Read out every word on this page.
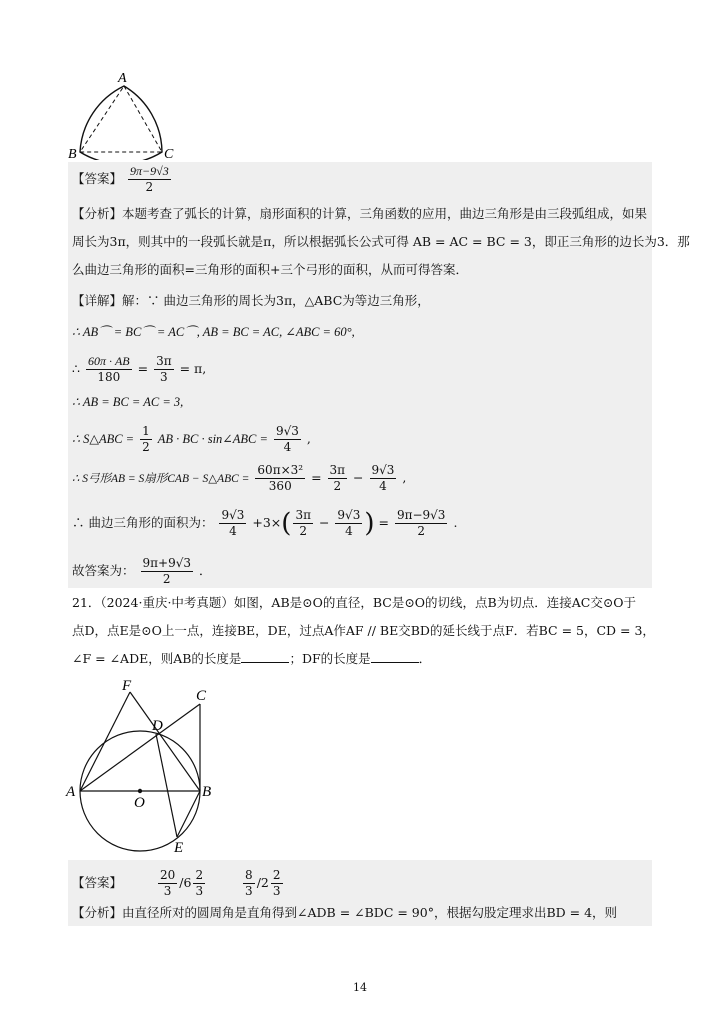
A
B	C
【答案】 $\frac{9\pi-9√3}{2}$
【分析】本题考查了弧长的计算，扇形面积的计算，三角函数的应用，曲边三角形是由三段弧组成，如果
周长为3π，则其中的一段弧长就是π，所以根据弧长公式可得 AB = AC = BC = 3，即正三角形的边长为3．那
么曲边三角形的面积=三角形的面积+三个弓形的面积，从而可得答案．
【详解】解：∵ 曲边三角形的周长为3π，△ABC为等边三角形，
∴ AB⌒ = BC⌒ = AC⌒, AB = BC = AC, ∠ABC = 60°,
∴ $\frac{60\pi \cdot AB}{180} = \frac{3\pi}{3} = \pi$,
∴ AB = BC = AC = 3,
∴ S△ABC = $\frac{1}{2}$ AB · BC · sin∠ABC = $\frac{9√3}{4}$ ,
∴ S弓形AB = S扇形CAB − S△ABC = $\frac{\text{60π×3²}}{360} = \frac{3\pi}{2} - \frac{9√3}{4}$ ,
∴ 曲边三角形的面积为： $\frac{9√3}{4} +3\times( \frac{3\pi}{2} - \frac{9√3}{4}$ ) = $\frac{9\pi-9√3}{2}$ .
故答案为： $\frac{9\pi+9√3}{2}$ ．
21．（2024·重庆·中考真题）如图，AB是⊙O的直径，BC是⊙O的切线，点B为切点．连接AC交⊙O于
点D，点E是⊙O上一点，连接BE，DE，过点A作AF // BE交BD的延长线于点F．若BC = 5，CD = 3，
∠F = ∠ADE，则AB的长度是	；DF的长度是	．
F
C
D
A
O
B
E
【答案】	$\frac{20}{3} /6 \frac{2}{3}$
	$\frac{8}{3} /2 \frac{2}{3}$
【分析】由直径所对的圆周角是直角得到∠ADB = ∠BDC = 90°，根据勾股定理求出BD = 4，则
14
